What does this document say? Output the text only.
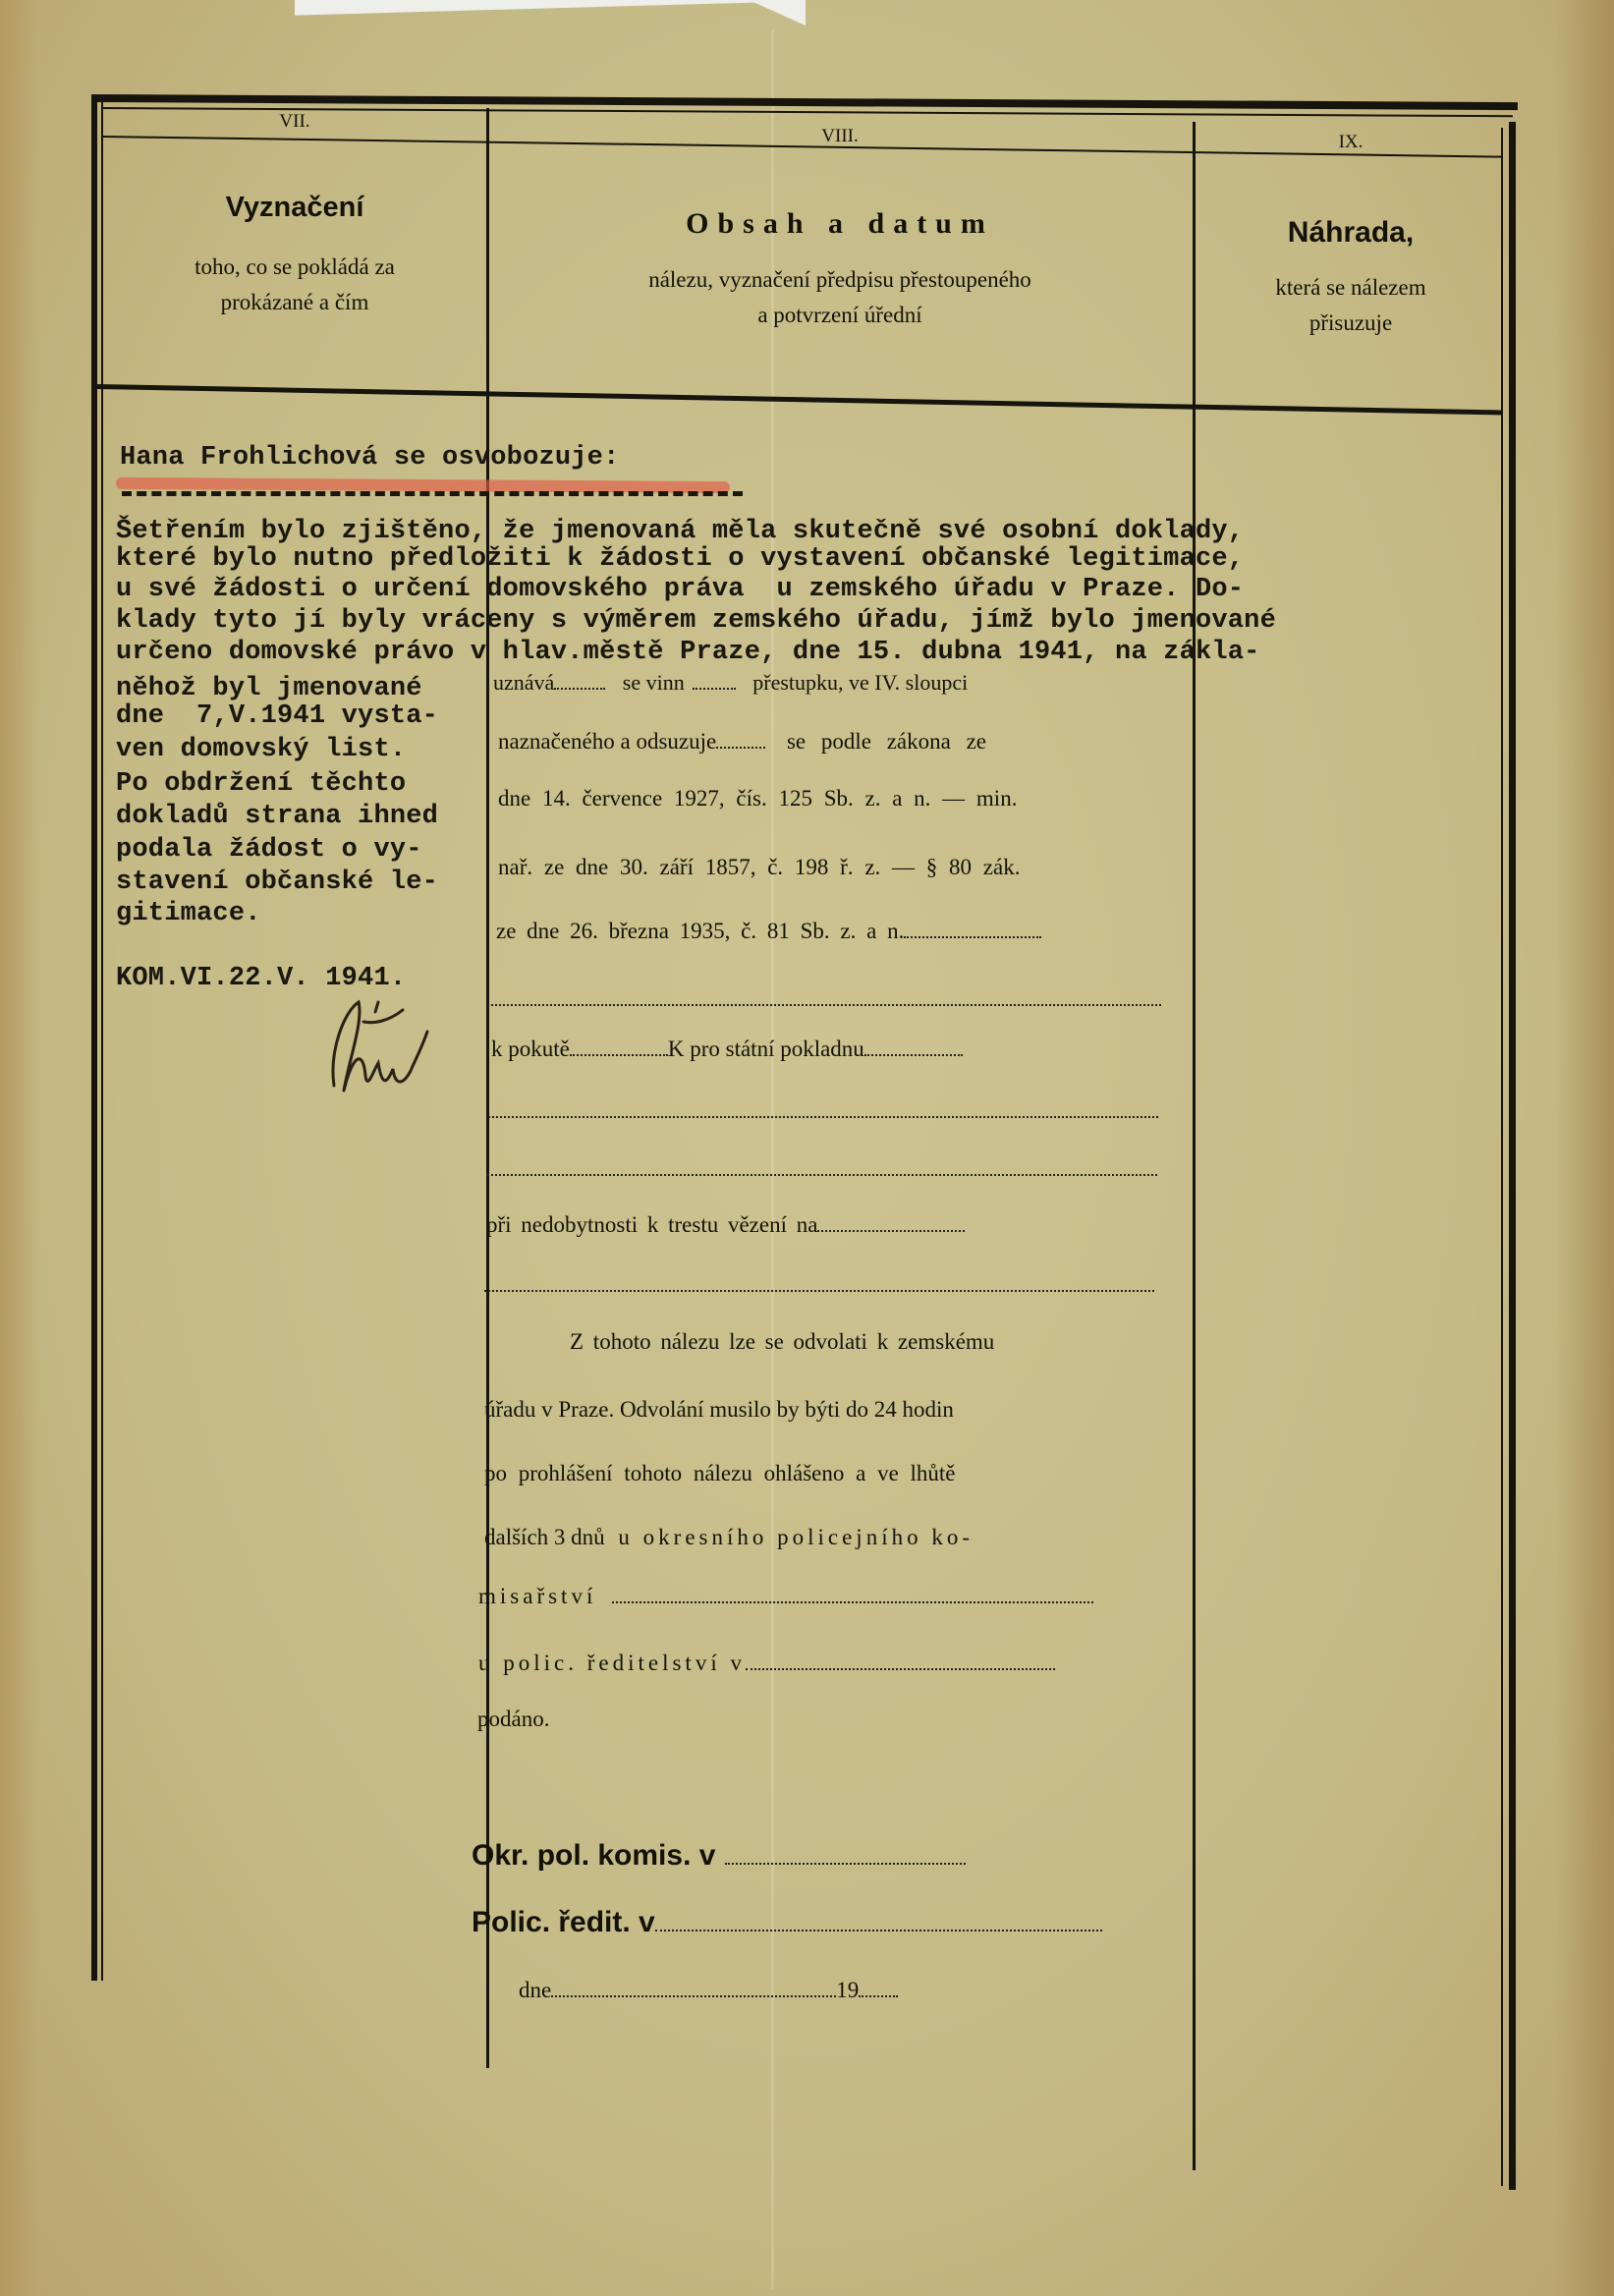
VII.
Vyznačení
toho, co se pokládá za
prokázané a čím
VIII.
Obsah a datum
nálezu, vyznačení předpisu přestoupeného
a potvrzení úřední
IX.
Náhrada,
která se nálezem
přisuzuje
Hana Frohlichová se osvobozuje:
Šetřením bylo zjištěno, že jmenovaná měla skutečně své osobní doklady,
které bylo nutno předložiti k žádosti o vystavení občanské legitimace,
u své žádosti o určení domovského práva  u zemského úřadu v Praze. Do-
klady tyto jí byly vráceny s výměrem zemského úřadu, jímž bylo jmenované
určeno domovské právo v hlav.městě Praze, dne 15. dubna 1941, na zákla-
něhož byl jmenované
dne  7,V.1941 vysta-
ven domovský list.
Po obdržení těchto
dokladů strana ihned
podala žádost o vy-
stavení občanské le-
gitimace.
KOM.VI.22.V. 1941.
uznává	se vinn	přestupku, ve IV. sloupci
naznačeného a odsuzuje	se podle zákona ze
dne 14. července 1927, čís. 125 Sb. z. a n. — min.
nař. ze dne 30. září 1857, č. 198 ř. z. — § 80 zák.
ze dne 26. března 1935, č. 81 Sb. z. a n.
k pokutě	K pro státní pokladnu
při nedobytnosti k trestu vězení na
Z tohoto nálezu lze se odvolati k zemskému
úřadu v Praze. Odvolání musilo by býti do 24 hodin
po prohlášení tohoto nálezu ohlášeno a ve lhůtě
dalších 3 dnů u okresního policejního ko-
misařství
u polic. ředitelství v
podáno.
Okr. pol. komis. v
Polic. ředit. v
dne	19
